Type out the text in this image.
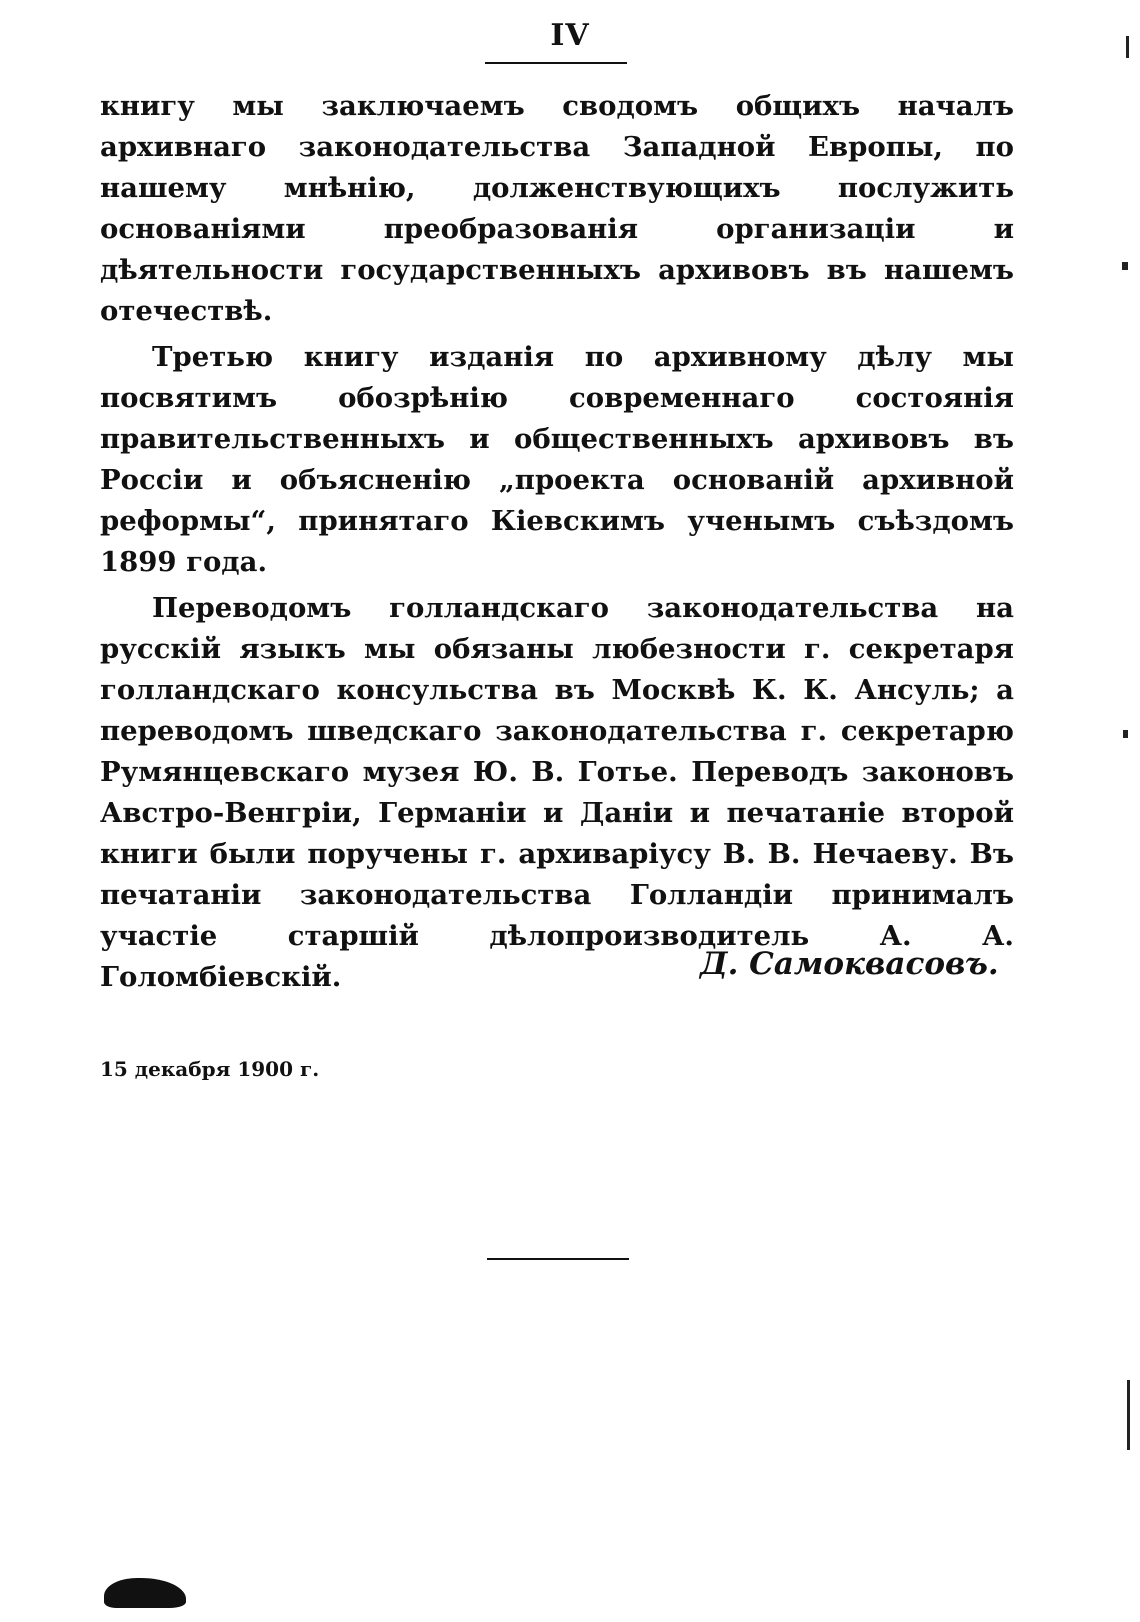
IV

книгу мы заключаемъ сводомъ общихъ началъ архивнаго законодательства Западной Европы, по нашему мнѣнію, долженствующихъ послужить основаніями преобразованія организаціи и дѣятельности государственныхъ архивовъ въ нашемъ отечествѣ.

Третью книгу изданія по архивному дѣлу мы посвятимъ обозрѣнію современнаго состоянія правительственныхъ и общественныхъ архивовъ въ Россіи и объясненію „проекта основаній архивной реформы“, принятаго Кіевскимъ ученымъ съѣздомъ 1899 года.

Переводомъ голландскаго законодательства на русскій языкъ мы обязаны любезности г. секретаря голландскаго консульства въ Москвѣ К. К. Ансуль; а переводомъ шведскаго законодательства г. секретарю Румянцевскаго музея Ю. В. Готье. Переводъ законовъ Австро-Венгріи, Германіи и Даніи и печатаніе второй книги были поручены г. архиваріусу В. В. Нечаеву. Въ печатаніи законодательства Голландіи принималъ участіе старшій дѣлопроизводитель А. А. Голомбіевскій.	Д. Самоквасовъ.
15 декабря 1900 г.
